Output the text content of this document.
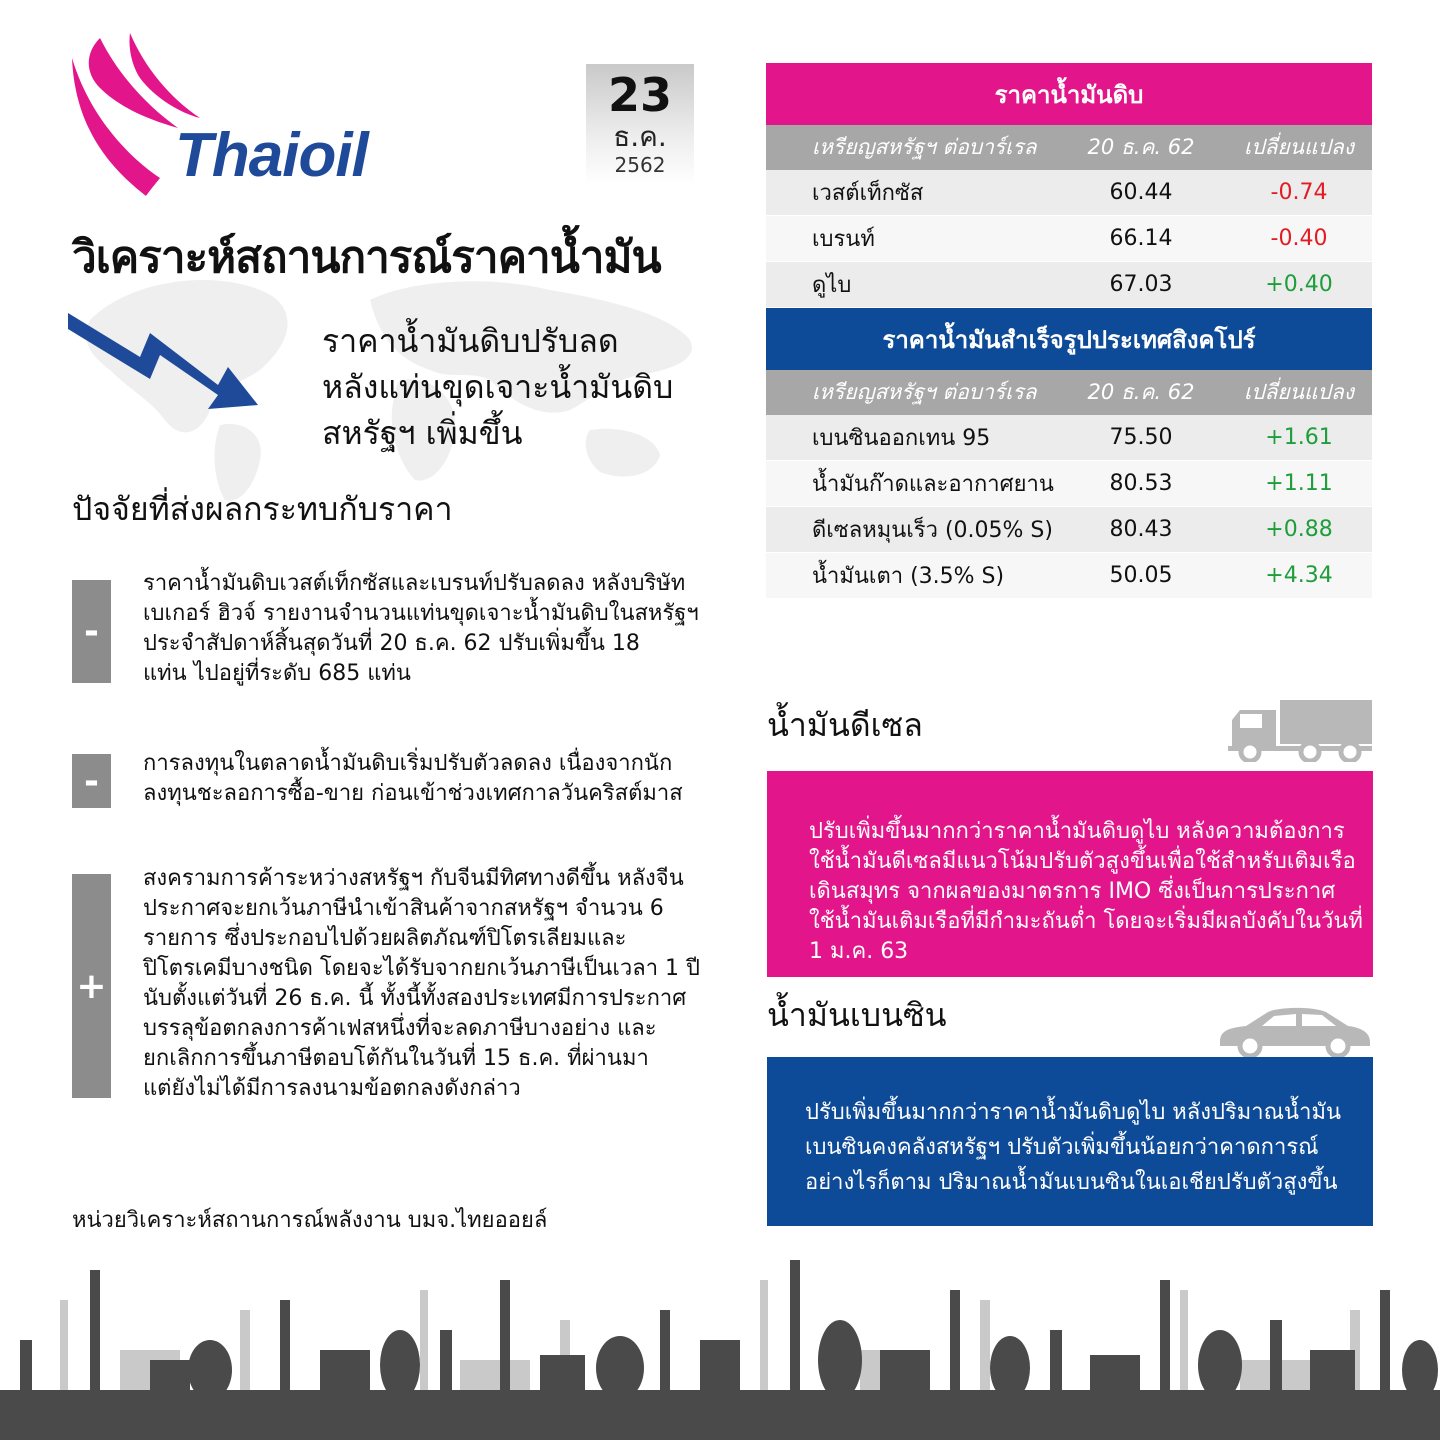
Thaioil
23
ธ.ค.
2562
วิเคราะห์สถานการณ์ราคาน้ำมัน
ราคาน้ำมันดิบปรับลด
หลังแท่นขุดเจาะน้ำมันดิบ
สหรัฐฯ เพิ่มขึ้น
ปัจจัยที่ส่งผลกระทบกับราคา
-
ราคาน้ำมันดิบเวสต์เท็กซัสและเบรนท์ปรับลดลง หลังบริษัท
เบเกอร์ ฮิวจ์ รายงานจำนวนแท่นขุดเจาะน้ำมันดิบในสหรัฐฯ
ประจำสัปดาห์สิ้นสุดวันที่ 20 ธ.ค. 62 ปรับเพิ่มขึ้น 18
แท่น ไปอยู่ที่ระดับ 685 แท่น
-	การลงทุนในตลาดน้ำมันดิบเริ่มปรับตัวลดลง เนื่องจากนัก
ลงทุนชะลอการซื้อ-ขาย ก่อนเข้าช่วงเทศกาลวันคริสต์มาส
+
สงครามการค้าระหว่างสหรัฐฯ กับจีนมีทิศทางดีขึ้น หลังจีน
ประกาศจะยกเว้นภาษีนำเข้าสินค้าจากสหรัฐฯ จำนวน 6
รายการ ซึ่งประกอบไปด้วยผลิตภัณฑ์ปิโตรเลียมและ
ปิโตรเคมีบางชนิด โดยจะได้รับจากยกเว้นภาษีเป็นเวลา 1 ปี
นับตั้งแต่วันที่ 26 ธ.ค. นี้ ทั้งนี้ทั้งสองประเทศมีการประกาศ
บรรลุข้อตกลงการค้าเฟสหนึ่งที่จะลดภาษีบางอย่าง และ
ยกเลิกการขึ้นภาษีตอบโต้กันในวันที่ 15 ธ.ค. ที่ผ่านมา
แต่ยังไม่ได้มีการลงนามข้อตกลงดังกล่าว
หน่วยวิเคราะห์สถานการณ์พลังงาน บมจ.ไทยออยล์
ราคาน้ำมันดิบ
เหรียญสหรัฐฯ ต่อบาร์เรล	20 ธ.ค. 62	เปลี่ยนแปลง
เวสต์เท็กซัส	60.44	-0.74
เบรนท์	66.14	-0.40
ดูไบ	67.03	+0.40
ราคาน้ำมันสำเร็จรูปประเทศสิงคโปร์
เหรียญสหรัฐฯ ต่อบาร์เรล	20 ธ.ค. 62	เปลี่ยนแปลง
เบนซินออกเทน 95	75.50	+1.61
น้ำมันก๊าดและอากาศยาน	80.53	+1.11
ดีเซลหมุนเร็ว (0.05% S)	80.43	+0.88
น้ำมันเตา (3.5% S)	50.05	+4.34
น้ำมันดีเซล
ปรับเพิ่มขึ้นมากกว่าราคาน้ำมันดิบดูไบ หลังความต้องการ
ใช้น้ำมันดีเซลมีแนวโน้มปรับตัวสูงขึ้นเพื่อใช้สำหรับเติมเรือ
เดินสมุทร จากผลของมาตรการ IMO ซึ่งเป็นการประกาศ
ใช้น้ำมันเติมเรือที่มีกำมะถันต่ำ โดยจะเริ่มมีผลบังคับในวันที่
1 ม.ค. 63
น้ำมันเบนซิน
ปรับเพิ่มขึ้นมากกว่าราคาน้ำมันดิบดูไบ หลังปริมาณน้ำมัน
เบนซินคงคลังสหรัฐฯ ปรับตัวเพิ่มขึ้นน้อยกว่าคาดการณ์
อย่างไรก็ตาม ปริมาณน้ำมันเบนซินในเอเชียปรับตัวสูงขึ้น
